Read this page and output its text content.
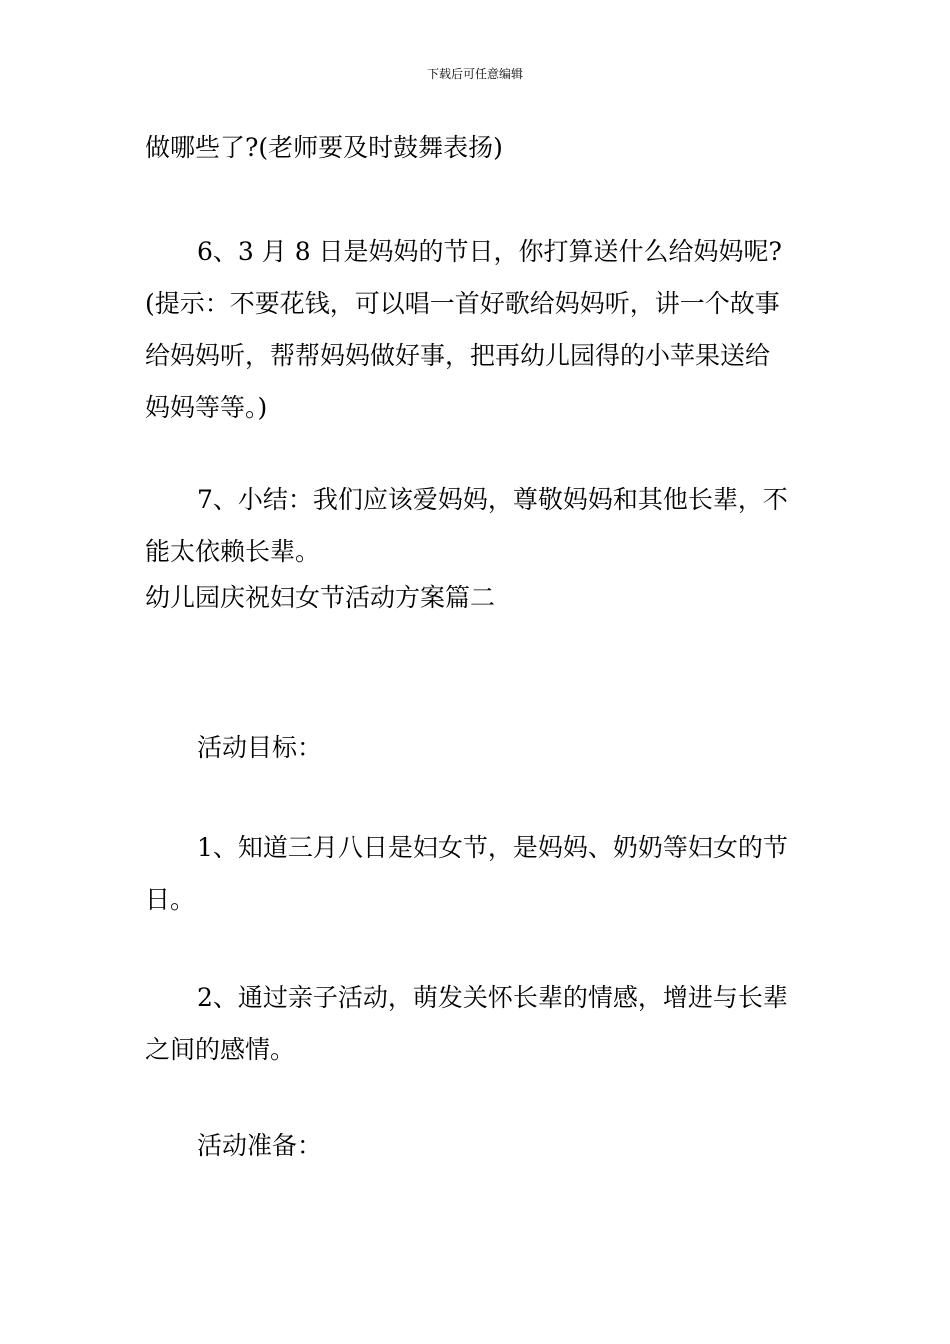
下载后可任意编辑
做哪些了?(老师要及时鼓舞表扬)
6、3 月 8 日是妈妈的节日，你打算送什么给妈妈呢?
(提示：不要花钱，可以唱一首好歌给妈妈听，讲一个故事
给妈妈听，帮帮妈妈做好事，把再幼儿园得的小苹果送给
妈妈等等。)
7、小结：我们应该爱妈妈，尊敬妈妈和其他长辈，不
能太依赖长辈。
幼儿园庆祝妇女节活动方案篇二
活动目标：
1、知道三月八日是妇女节，是妈妈、奶奶等妇女的节
日。
2、通过亲子活动，萌发关怀长辈的情感，增进与长辈
之间的感情。
活动准备：
